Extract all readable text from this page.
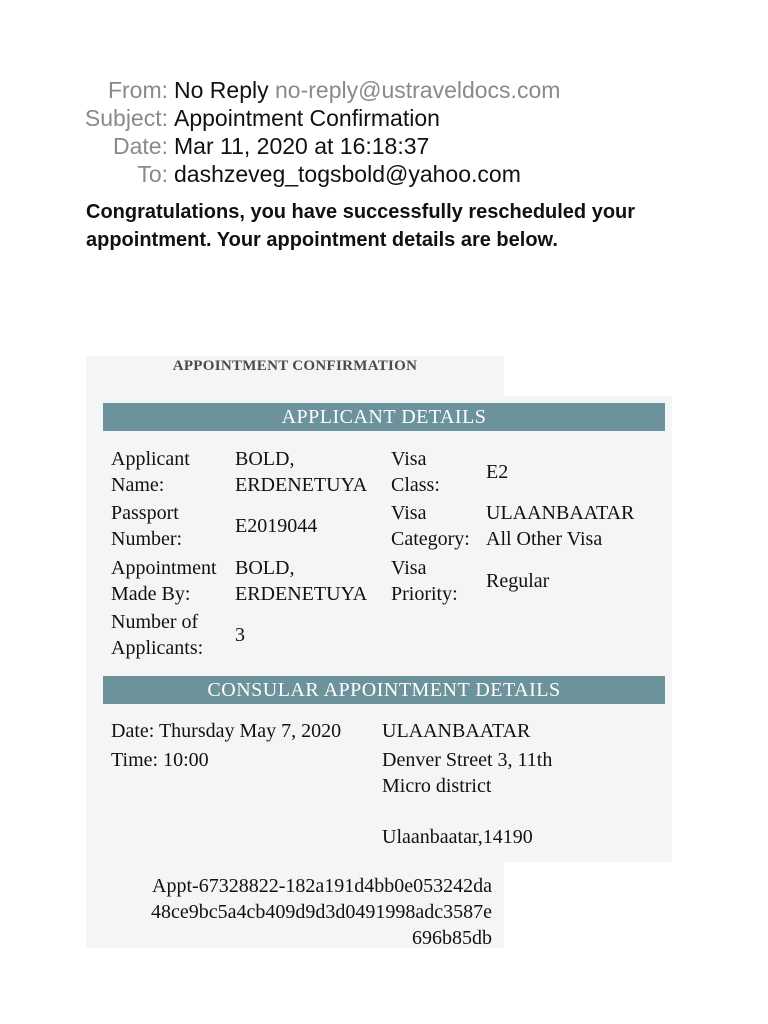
From: No Reply no-reply@ustraveldocs.com
Subject: Appointment Confirmation
Date: Mar 11, 2020 at 16:18:37
To: dashzeveg_togsbold@yahoo.com
Congratulations, you have successfully rescheduled your appointment. Your appointment details are below.
APPOINTMENT CONFIRMATION
APPLICANT DETAILS
Applicant
Name:
BOLD,
ERDENETUYA
Visa
Class:
E2
Passport
Number:
E2019044
Visa
Category:
ULAANBAATAR
All Other Visa
Appointment
Made By:
BOLD,
ERDENETUYA
Visa
Priority:
Regular
Number of
Applicants:
3
CONSULAR APPOINTMENT DETAILS
Date: Thursday May 7, 2020
Time: 10:00
ULAANBAATAR
Denver Street 3, 11th
Micro district
Ulaanbaatar,14190
Appt-67328822-182a191d4bb0e053242da
48ce9bc5a4cb409d9d3d0491998adc3587e
696b85db
